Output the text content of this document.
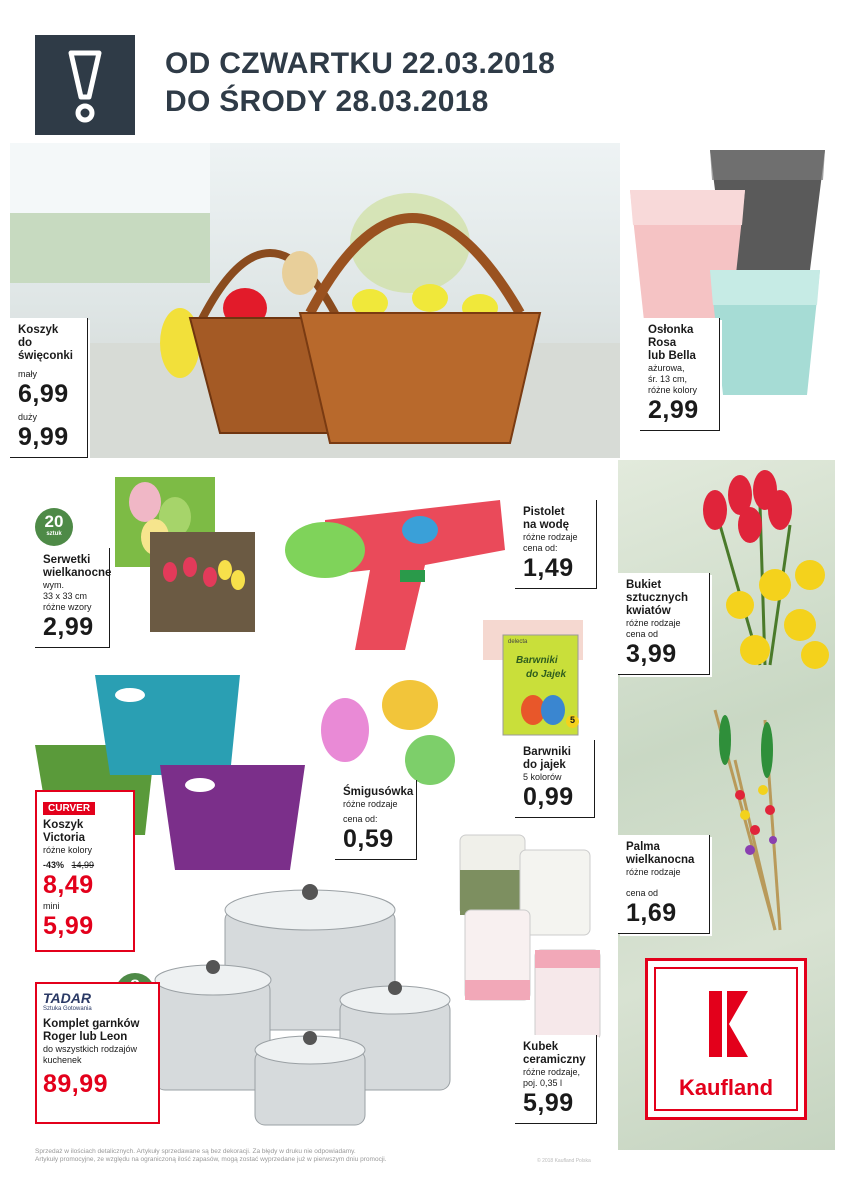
OD CZWARTKU 22.03.2018
DO ŚRODY 28.03.2018
Koszyk
do święconki
mały
6,99
duży
9,99
Osłonka
Rosa
lub Bella
ażurowa,
śr. 13 cm,
różne kolory
2,99
Bukiet
sztucznych
kwiatów
różne rodzaje
cena od
3,99
Palma
wielkanocna
różne rodzaje
cena od
1,69
Kaufland
20
sztuk
Serwetki
wielkanocne
wym.
33 x 33 cm
różne wzory
2,99
Pistolet
na wodę
różne rodzaje
cena od:
1,49
delecta
Barwniki
do Jajek
5
Barwniki
do jajek
5 kolorów
0,99
CURVER
Koszyk
Victoria
różne kolory
-43% 14,99
8,49
mini
5,99
Śmigusówka
różne rodzaje
cena od:
0,59
Kubek
ceramiczny
różne rodzaje,
poj. 0,35 l
5,99
TADAR
Sztuka Gotowania
Komplet garnków
Roger lub Leon
do wszystkich rodzajów
kuchenek
89,99
Sprzedaż w ilościach detalicznych. Artykuły sprzedawane są bez dekoracji. Za błędy w druku nie odpowiadamy.
Artykuły promocyjne, ze względu na ograniczoną ilość zapasów, mogą zostać wyprzedane już w pierwszym dniu promocji.	© 2018 Kaufland Polska
